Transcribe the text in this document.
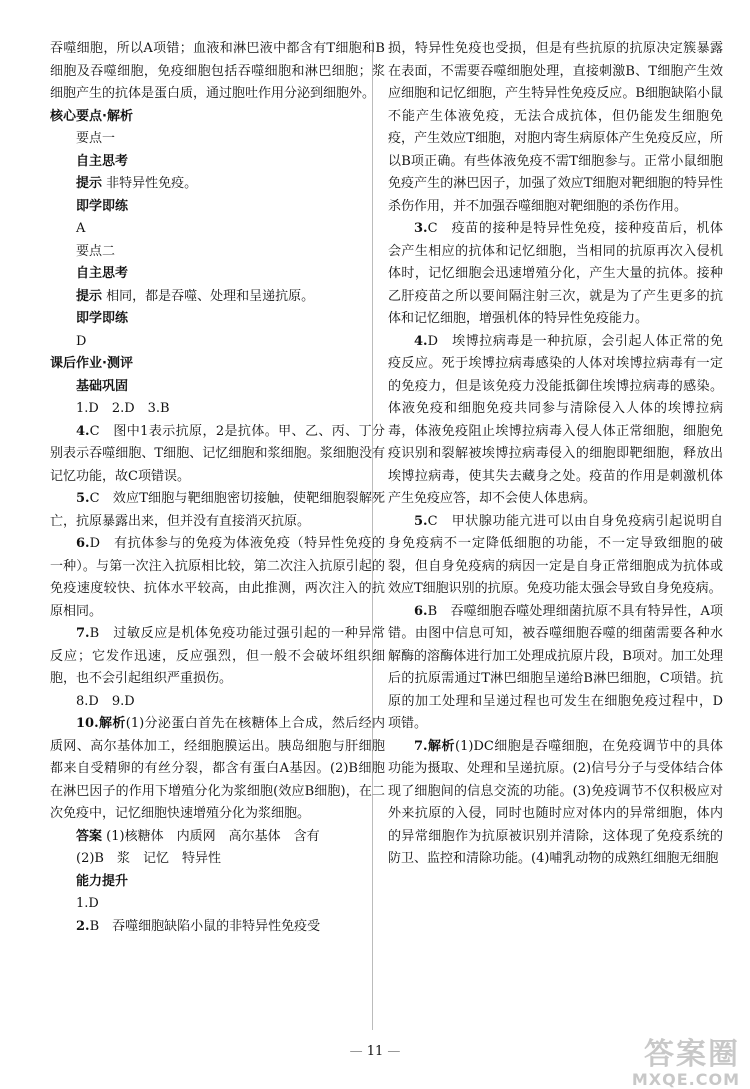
吞噬细胞，所以A项错；血液和淋巴液中都含有T细胞和B细胞及吞噬细胞，免疫细胞包括吞噬细胞和淋巴细胞；浆细胞产生的抗体是蛋白质，通过胞吐作用分泌到细胞外。

核心要点·解析

要点一

自主思考

提示 非特异性免疫。

即学即练

A

要点二

自主思考

提示 相同，都是吞噬、处理和呈递抗原。

即学即练

D

课后作业·测评

基础巩固

1.D　2.D　3.B

4.C　图中1表示抗原，2是抗体。甲、乙、丙、丁分别表示吞噬细胞、T细胞、记忆细胞和浆细胞。浆细胞没有记忆功能，故C项错误。

5.C　效应T细胞与靶细胞密切接触，使靶细胞裂解死亡，抗原暴露出来，但并没有直接消灭抗原。

6.D　有抗体参与的免疫为体液免疫（特异性免疫的一种）。与第一次注入抗原相比较，第二次注入抗原引起的免疫速度较快、抗体水平较高，由此推测，两次注入的抗原相同。

7.B　过敏反应是机体免疫功能过强引起的一种异常反应；它发作迅速，反应强烈，但一般不会破坏组织细胞，也不会引起组织严重损伤。

8.D　9.D

10.解析(1)分泌蛋白首先在核糖体上合成，然后经内质网、高尔基体加工，经细胞膜运出。胰岛细胞与肝细胞都来自受精卵的有丝分裂，都含有蛋白A基因。(2)B细胞在淋巴因子的作用下增殖分化为浆细胞(效应B细胞)，在二次免疫中，记忆细胞快速增殖分化为浆细胞。

答案 (1)核糖体　内质网　高尔基体　含有

(2)B　浆　记忆　特异性

能力提升

1.D

2.B　吞噬细胞缺陷小鼠的非特异性免疫受

损，特异性免疫也受损，但是有些抗原的抗原决定簇暴露在表面，不需要吞噬细胞处理，直接刺激B、T细胞产生效应细胞和记忆细胞，产生特异性免疫反应。B细胞缺陷小鼠不能产生体液免疫，无法合成抗体，但仍能发生细胞免疫，产生效应T细胞，对胞内寄生病原体产生免疫反应，所以B项正确。有些体液免疫不需T细胞参与。正常小鼠细胞免疫产生的淋巴因子，加强了效应T细胞对靶细胞的特异性杀伤作用，并不加强吞噬细胞对靶细胞的杀伤作用。

3.C　疫苗的接种是特异性免疫，接种疫苗后，机体会产生相应的抗体和记忆细胞，当相同的抗原再次入侵机体时，记忆细胞会迅速增殖分化，产生大量的抗体。接种乙肝疫苗之所以要间隔注射三次，就是为了产生更多的抗体和记忆细胞，增强机体的特异性免疫能力。

4.D　埃博拉病毒是一种抗原，会引起人体正常的免疫反应。死于埃博拉病毒感染的人体对埃博拉病毒有一定的免疫力，但是该免疫力没能抵御住埃博拉病毒的感染。体液免疫和细胞免疫共同参与清除侵入人体的埃博拉病毒，体液免疫阻止埃博拉病毒入侵人体正常细胞，细胞免疫识别和裂解被埃博拉病毒侵入的细胞即靶细胞，释放出埃博拉病毒，使其失去藏身之处。疫苗的作用是刺激机体产生免疫应答，却不会使人体患病。

5.C　甲状腺功能亢进可以由自身免疫病引起说明自身免疫病不一定降低细胞的功能，不一定导致细胞的破裂，但自身免疫病的病因一定是自身正常细胞成为抗体或效应T细胞识别的抗原。免疫功能太强会导致自身免疫病。

6.B　吞噬细胞吞噬处理细菌抗原不具有特异性，A项错。由图中信息可知，被吞噬细胞吞噬的细菌需要各种水解酶的溶酶体进行加工处理成抗原片段，B项对。加工处理后的抗原需通过T淋巴细胞呈递给B淋巴细胞，C项错。抗原的加工处理和呈递过程也可发生在细胞免疫过程中，D项错。

7.解析(1)DC细胞是吞噬细胞，在免疫调节中的具体功能为摄取、处理和呈递抗原。(2)信号分子与受体结合体现了细胞间的信息交流的功能。(3)免疫调节不仅积极应对外来抗原的入侵，同时也随时应对体内的异常细胞，体内的异常细胞作为抗原被识别并清除，这体现了免疫系统的防卫、监控和清除功能。(4)哺乳动物的成熟红细胞无细胞

— 11 —	答案圈
MXQE.COM
